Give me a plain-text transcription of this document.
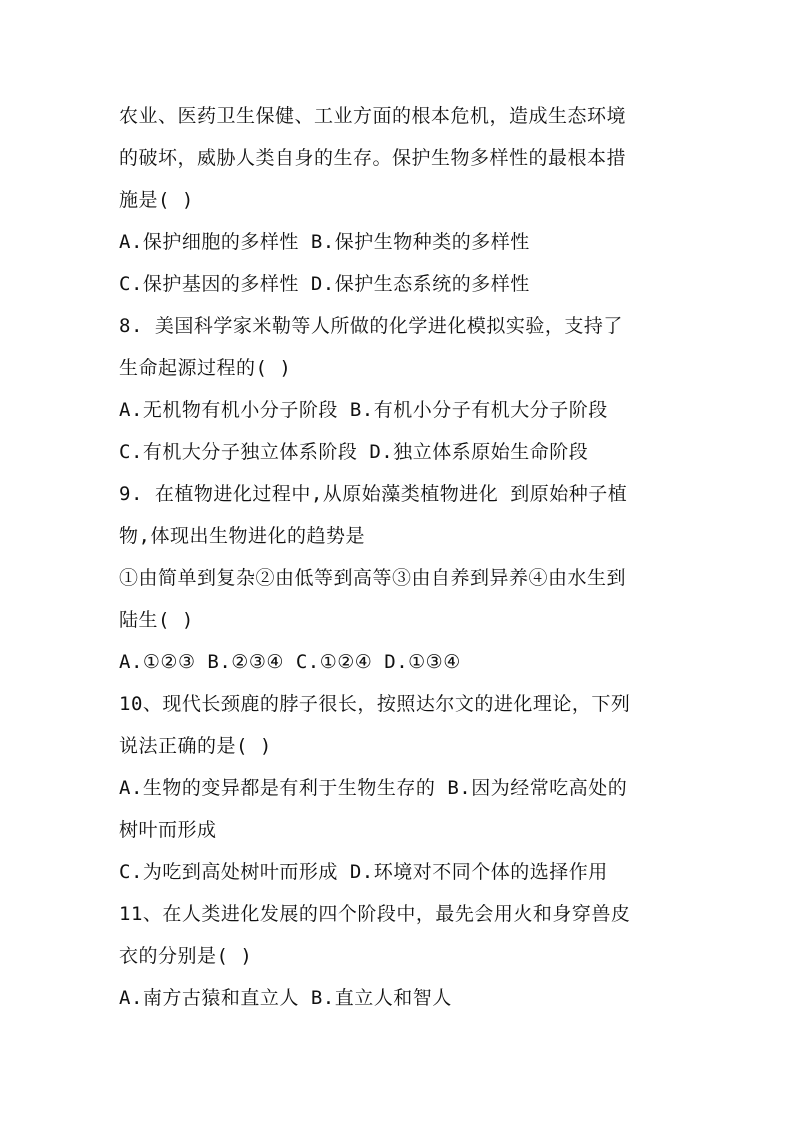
农业、医药卫生保健、工业方面的根本危机，造成生态环境
的破坏，威胁人类自身的生存。保护生物多样性的最根本措
施是( )
A.保护细胞的多样性 B.保护生物种类的多样性
C.保护基因的多样性 D.保护生态系统的多样性
8. 美国科学家米勒等人所做的化学进化模拟实验，支持了
生命起源过程的( )
A.无机物有机小分子阶段 B.有机小分子有机大分子阶段
C.有机大分子独立体系阶段 D.独立体系原始生命阶段
9. 在植物进化过程中,从原始藻类植物进化 到原始种子植
物,体现出生物进化的趋势是
①由简单到复杂②由低等到高等③由自养到异养④由水生到
陆生( )
A.①②③ B.②③④ C.①②④ D.①③④
10、现代长颈鹿的脖子很长，按照达尔文的进化理论，下列
说法正确的是( )
A.生物的变异都是有利于生物生存的 B.因为经常吃高处的
树叶而形成
C.为吃到高处树叶而形成 D.环境对不同个体的选择作用
11、在人类进化发展的四个阶段中，最先会用火和身穿兽皮
衣的分别是( )
A.南方古猿和直立人 B.直立人和智人
